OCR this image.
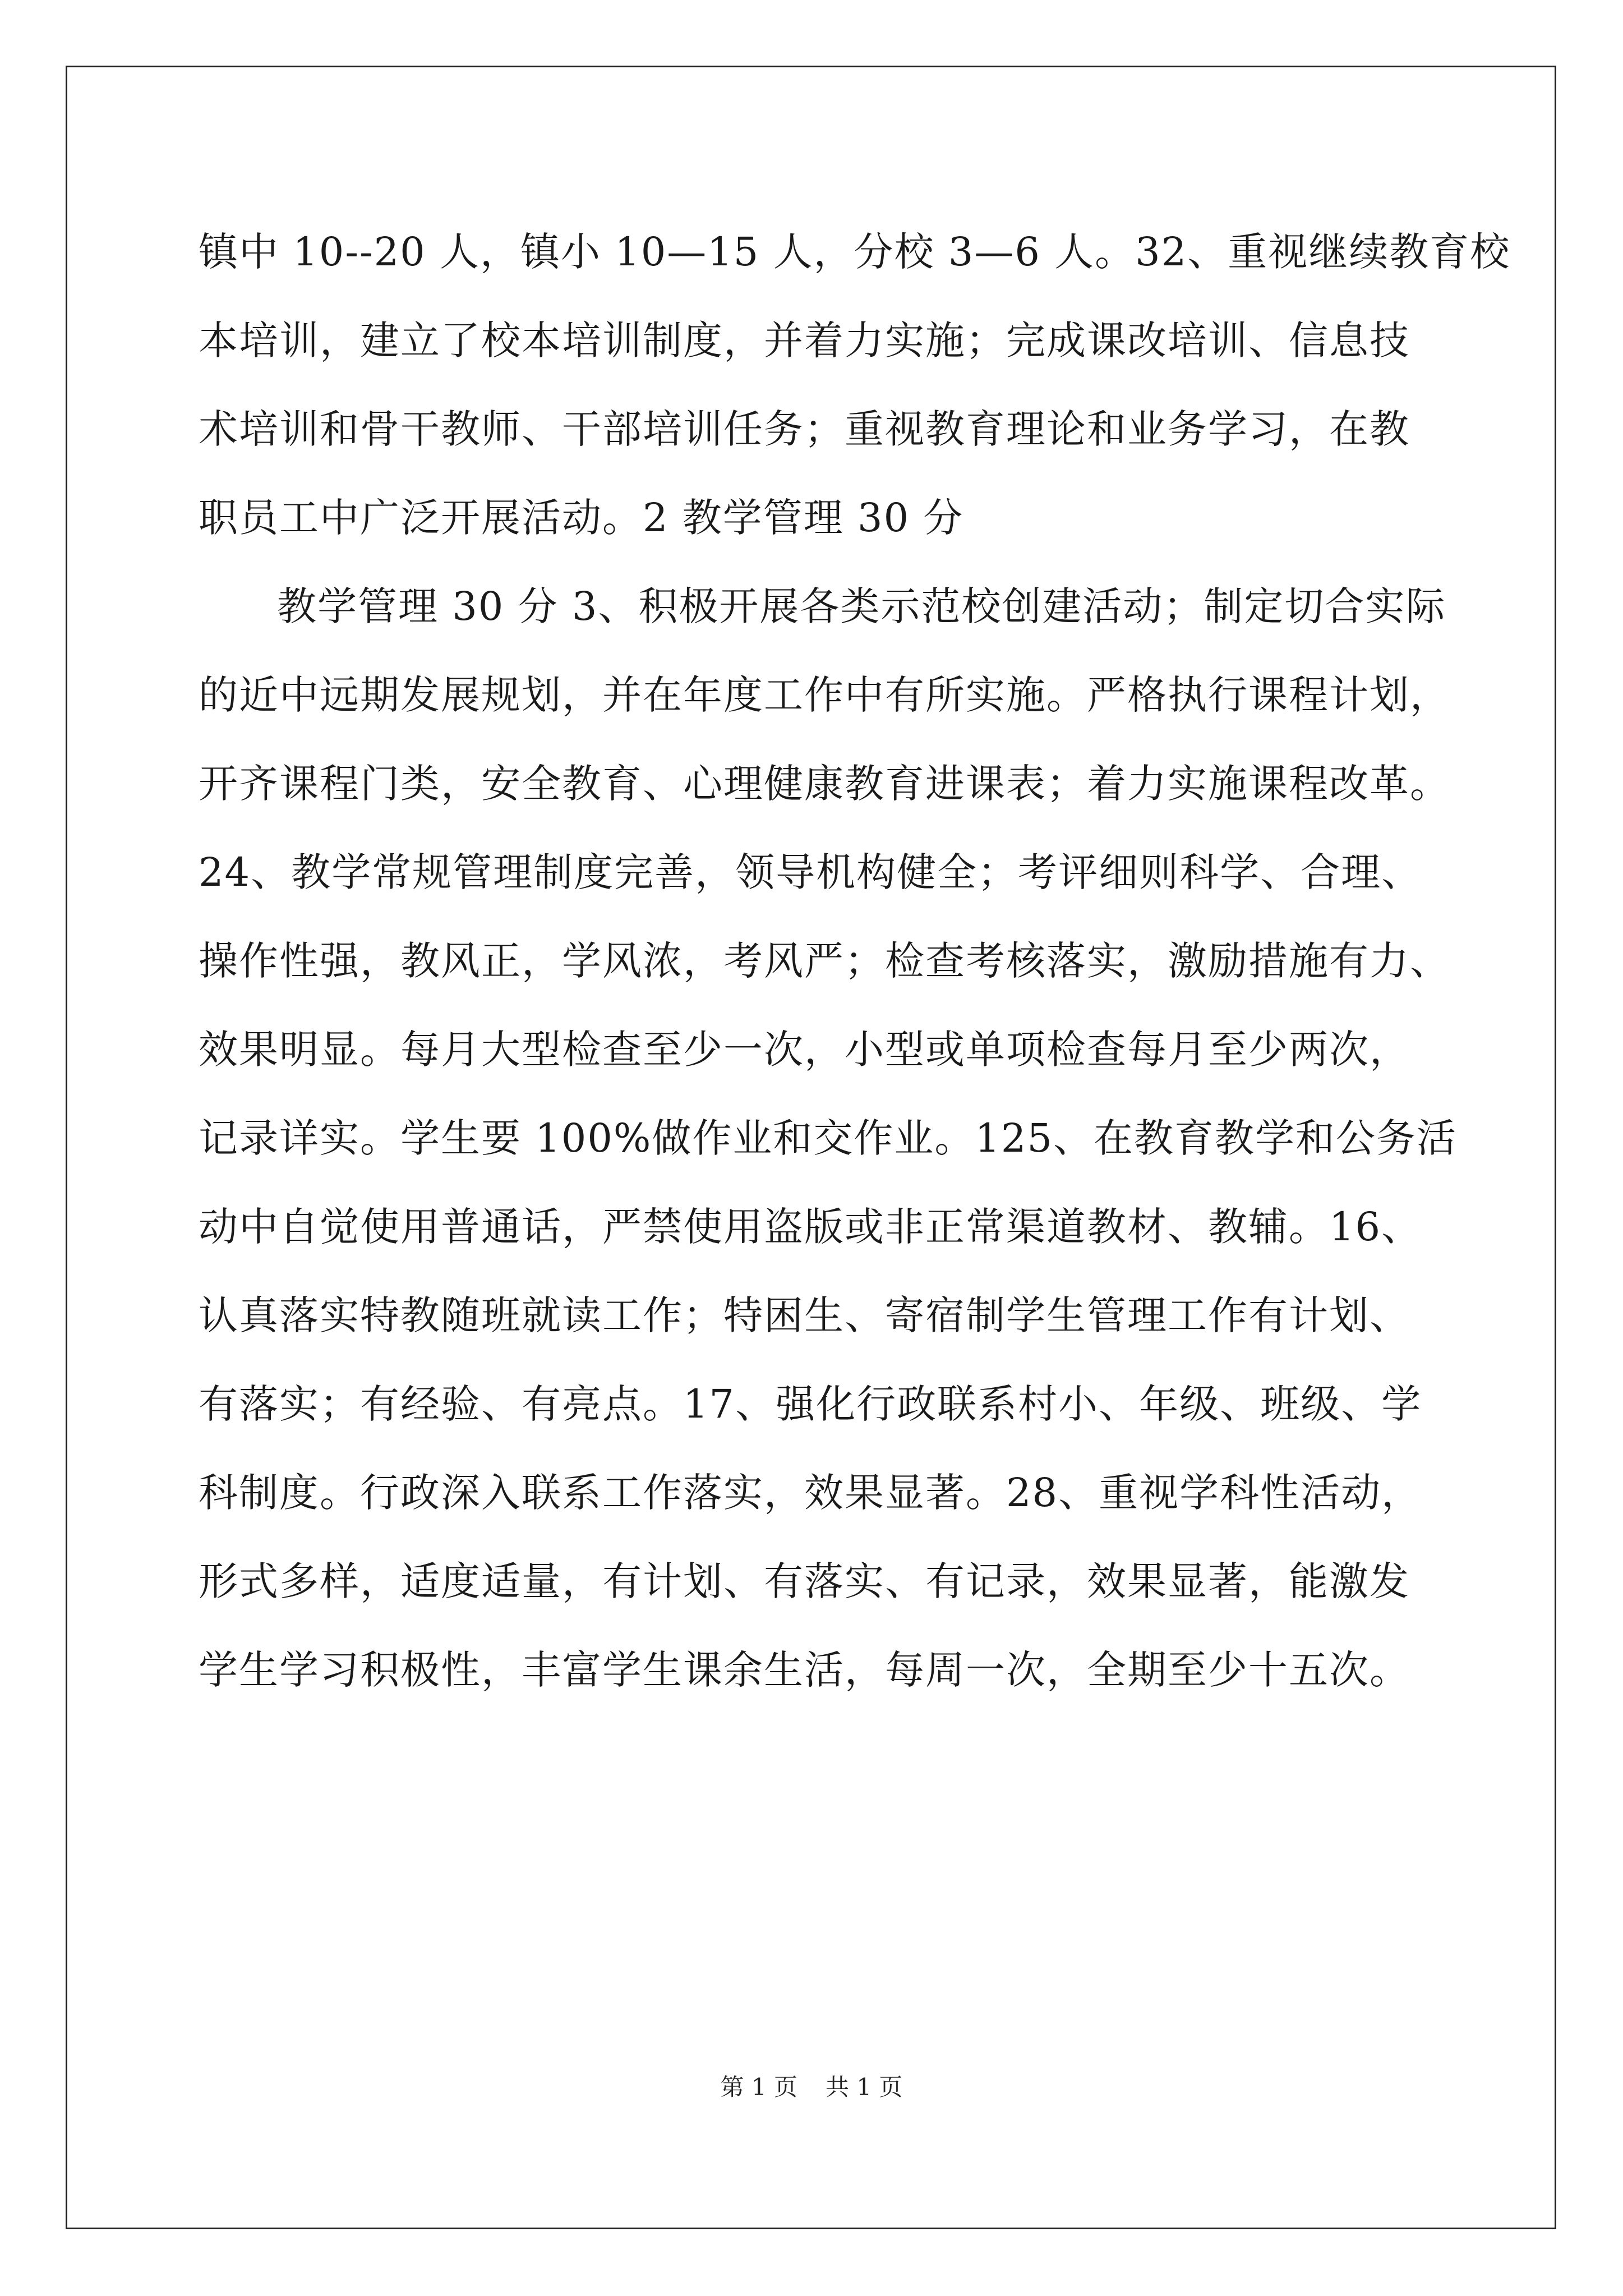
镇中 10--20 人，镇小 10—15 人，分校 3—6 人。32、重视继续教育校
本培训，建立了校本培训制度，并着力实施；完成课改培训、信息技
术培训和骨干教师、干部培训任务；重视教育理论和业务学习，在教
职员工中广泛开展活动。2 教学管理 30 分
教学管理 30 分 3、积极开展各类示范校创建活动；制定切合实际
的近中远期发展规划，并在年度工作中有所实施。严格执行课程计划，
开齐课程门类，安全教育、心理健康教育进课表；着力实施课程改革。
24、教学常规管理制度完善，领导机构健全；考评细则科学、合理、
操作性强，教风正，学风浓，考风严；检查考核落实，激励措施有力、
效果明显。每月大型检查至少一次，小型或单项检查每月至少两次，
记录详实。学生要 100%做作业和交作业。125、在教育教学和公务活
动中自觉使用普通话，严禁使用盗版或非正常渠道教材、教辅。16、
认真落实特教随班就读工作；特困生、寄宿制学生管理工作有计划、
有落实；有经验、有亮点。17、强化行政联系村小、年级、班级、学
科制度。行政深入联系工作落实，效果显著。28、重视学科性活动，
形式多样，适度适量，有计划、有落实、有记录，效果显著，能激发
学生学习积极性，丰富学生课余生活，每周一次，全期至少十五次。
第 1 页 共 1 页
